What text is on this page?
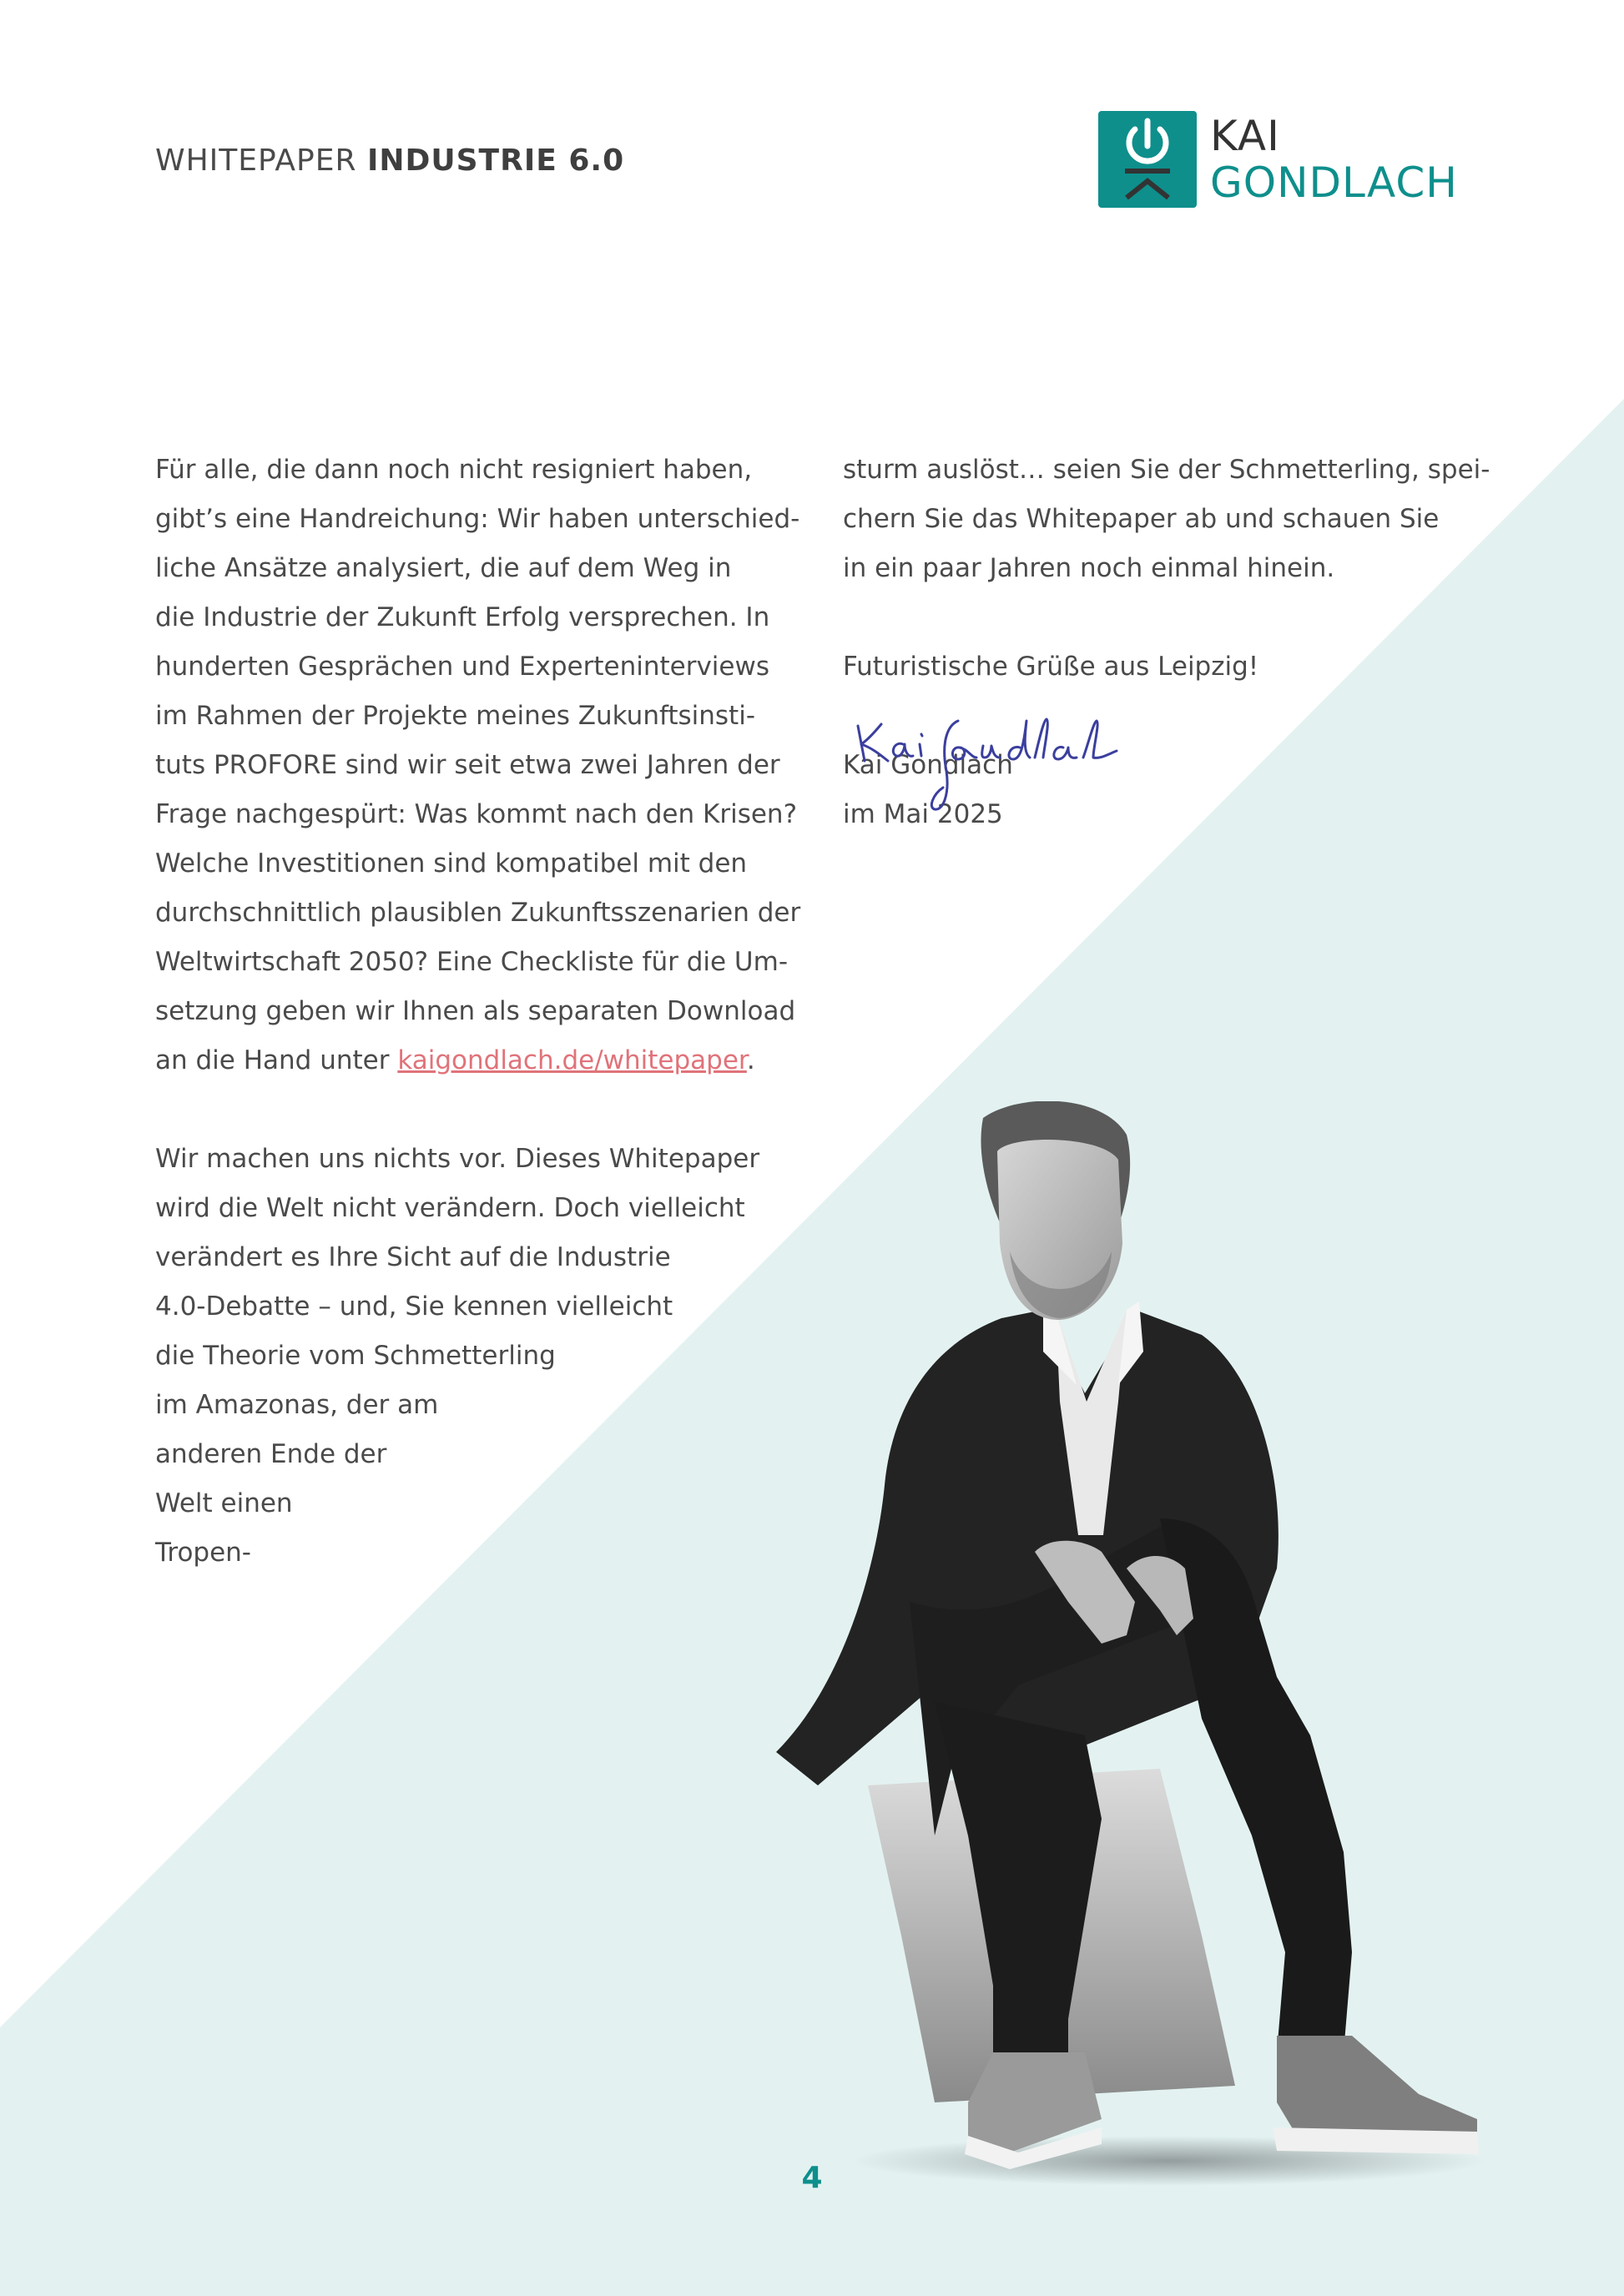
WHITEPAPER INDUSTRIE 6.0
KAI
GONDLACH

Für alle, die dann noch nicht resigniert haben,
gibt’s eine Handreichung: Wir haben unterschied-
liche Ansätze analysiert, die auf dem Weg in
die Industrie der Zukunft Erfolg versprechen. In
hunderten Gesprächen und Experteninterviews
im Rahmen der Projekte meines Zukunftsinsti-
tuts PROFORE sind wir seit etwa zwei Jahren der
Frage nachgespürt: Was kommt nach den Krisen?
Welche Investitionen sind kompatibel mit den
durchschnittlich plausiblen Zukunftsszenarien der
Weltwirtschaft 2050? Eine Checkliste für die Um-
setzung geben wir Ihnen als separaten Download
an die Hand unter kaigondlach.de/whitepaper.

Wir machen uns nichts vor. Dieses Whitepaper
wird die Welt nicht verändern. Doch vielleicht
verändert es Ihre Sicht auf die Industrie
4.0-Debatte – und, Sie kennen vielleicht
die Theorie vom Schmetterling
im Amazonas, der am
anderen Ende der
Welt einen
Tropen-

sturm auslöst… seien Sie der Schmetterling, spei-
chern Sie das Whitepaper ab und schauen Sie
in ein paar Jahren noch einmal hinein.

Futuristische Grüße aus Leipzig!

Kai Gondlach
im Mai 2025

4
